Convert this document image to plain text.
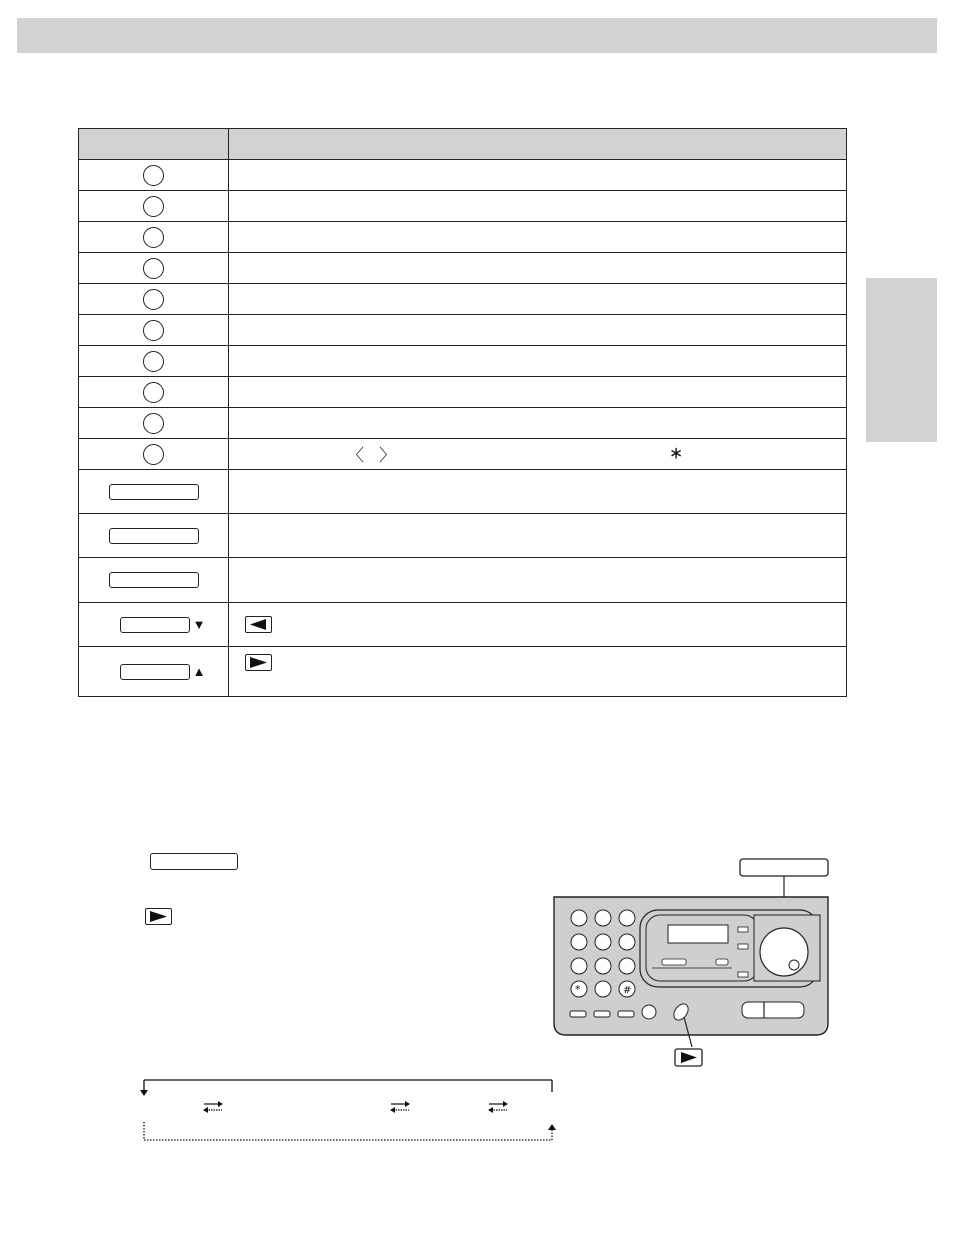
〈 〉	∗
▼
▲
*	#
